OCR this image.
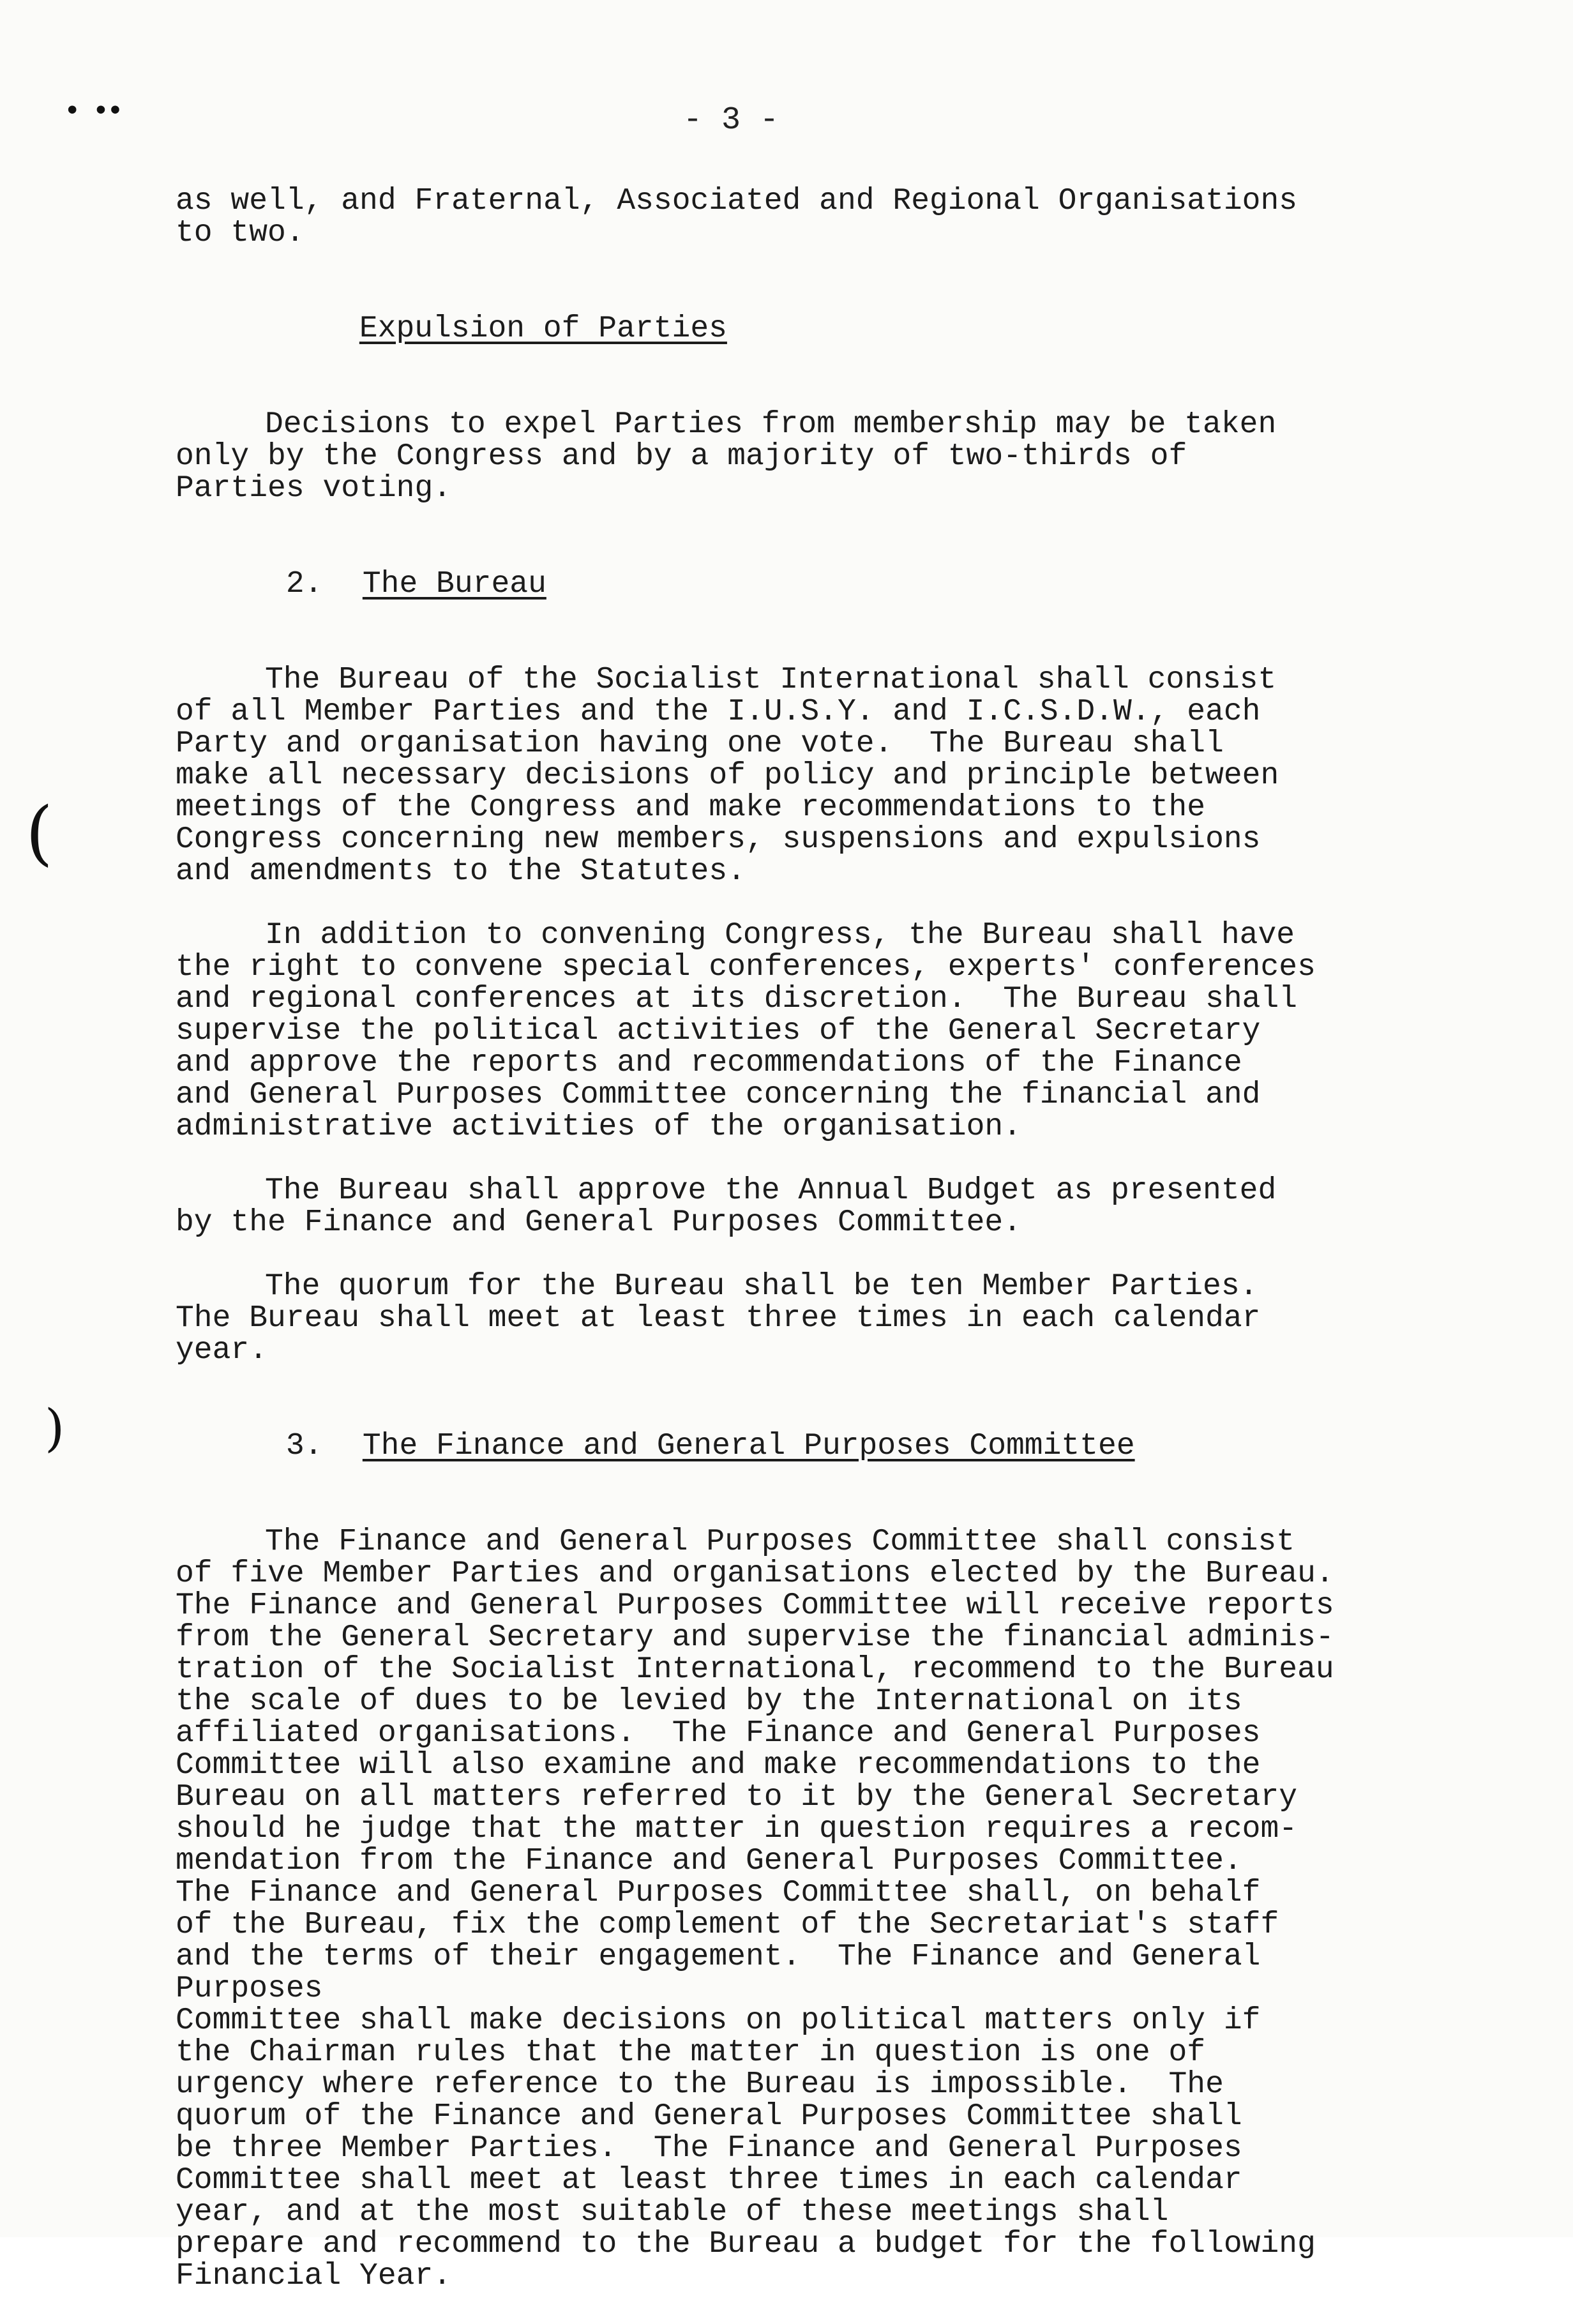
• ••	- 3 -
(
)

as well, and Fraternal, Associated and Regional Organisations
to two.

Expulsion of Parties

Decisions to expel Parties from membership may be taken
only by the Congress and by a majority of two-thirds of
Parties voting.

2. The Bureau

The Bureau of the Socialist International shall consist
of all Member Parties and the I.U.S.Y. and I.C.S.D.W., each
Party and organisation having one vote.  The Bureau shall
make all necessary decisions of policy and principle between
meetings of the Congress and make recommendations to the
Congress concerning new members, suspensions and expulsions
and amendments to the Statutes.

In addition to convening Congress, the Bureau shall have
the right to convene special conferences, experts' conferences
and regional conferences at its discretion.  The Bureau shall
supervise the political activities of the General Secretary
and approve the reports and recommendations of the Finance
and General Purposes Committee concerning the financial and
administrative activities of the organisation.

The Bureau shall approve the Annual Budget as presented
by the Finance and General Purposes Committee.

The quorum for the Bureau shall be ten Member Parties.
The Bureau shall meet at least three times in each calendar
year.

3. The Finance and General Purposes Committee

The Finance and General Purposes Committee shall consist
of five Member Parties and organisations elected by the Bureau.
The Finance and General Purposes Committee will receive reports
from the General Secretary and supervise the financial adminis-
tration of the Socialist International, recommend to the Bureau
the scale of dues to be levied by the International on its
affiliated organisations.  The Finance and General Purposes
Committee will also examine and make recommendations to the
Bureau on all matters referred to it by the General Secretary
should he judge that the matter in question requires a recom-
mendation from the Finance and General Purposes Committee.
The Finance and General Purposes Committee shall, on behalf
of the Bureau, fix the complement of the Secretariat's staff
and the terms of their engagement.  The Finance and General Purposes
Committee shall make decisions on political matters only if
the Chairman rules that the matter in question is one of
urgency where reference to the Bureau is impossible.  The
quorum of the Finance and General Purposes Committee shall
be three Member Parties.  The Finance and General Purposes
Committee shall meet at least three times in each calendar
year, and at the most suitable of these meetings shall
prepare and recommend to the Bureau a budget for the following
Financial Year.
